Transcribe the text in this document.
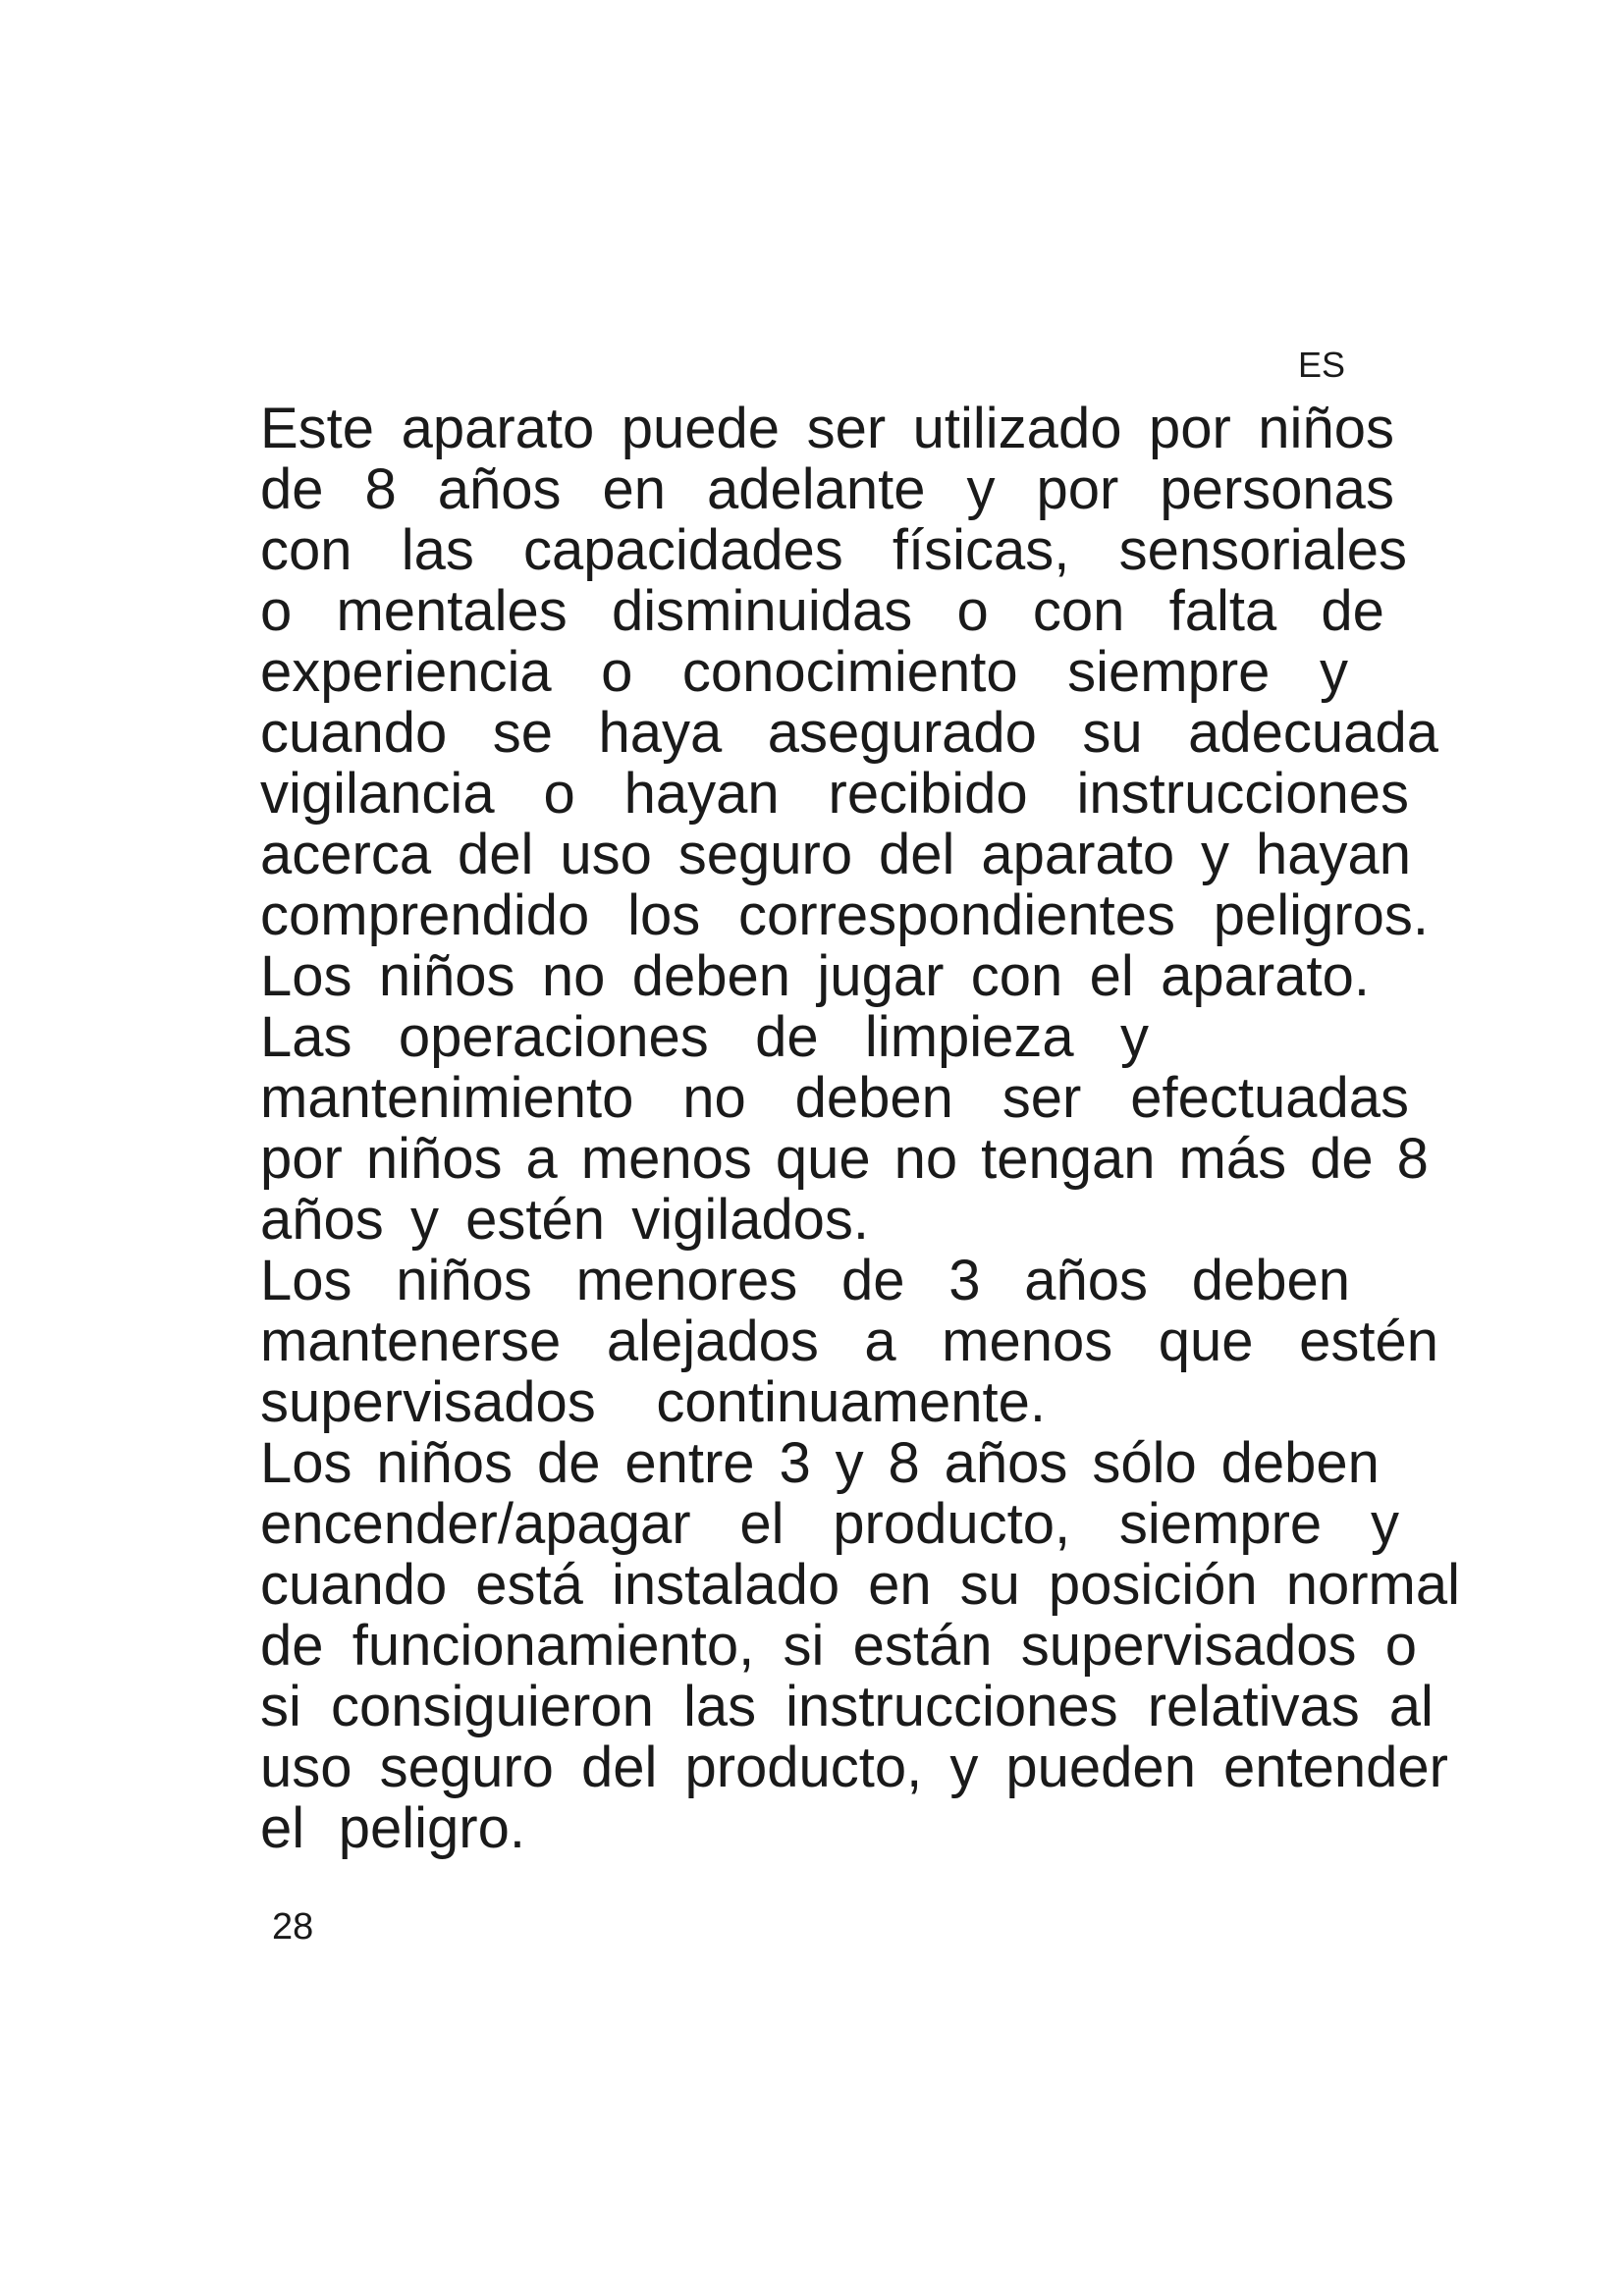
ES
Este aparato puede ser utilizado por niños
de 8 años en adelante y por personas
con las capacidades físicas, sensoriales
o mentales disminuidas o con falta de
experiencia o conocimiento siempre y
cuando se haya asegurado su adecuada
vigilancia o hayan recibido instrucciones
acerca del uso seguro del aparato y hayan
comprendido los correspondientes peligros.
Los niños no deben jugar con el aparato.
Las operaciones de limpieza y
mantenimiento no deben ser efectuadas
por niños a menos que no tengan más de 8
años y estén vigilados.
Los niños menores de 3 años deben
mantenerse alejados a menos que estén
supervisados continuamente.
Los niños de entre 3 y 8 años sólo deben
encender/apagar el producto, siempre y
cuando está instalado en su posición normal
de funcionamiento, si están supervisados o
si consiguieron las instrucciones relativas al
uso seguro del producto, y pueden entender
el peligro.
28
